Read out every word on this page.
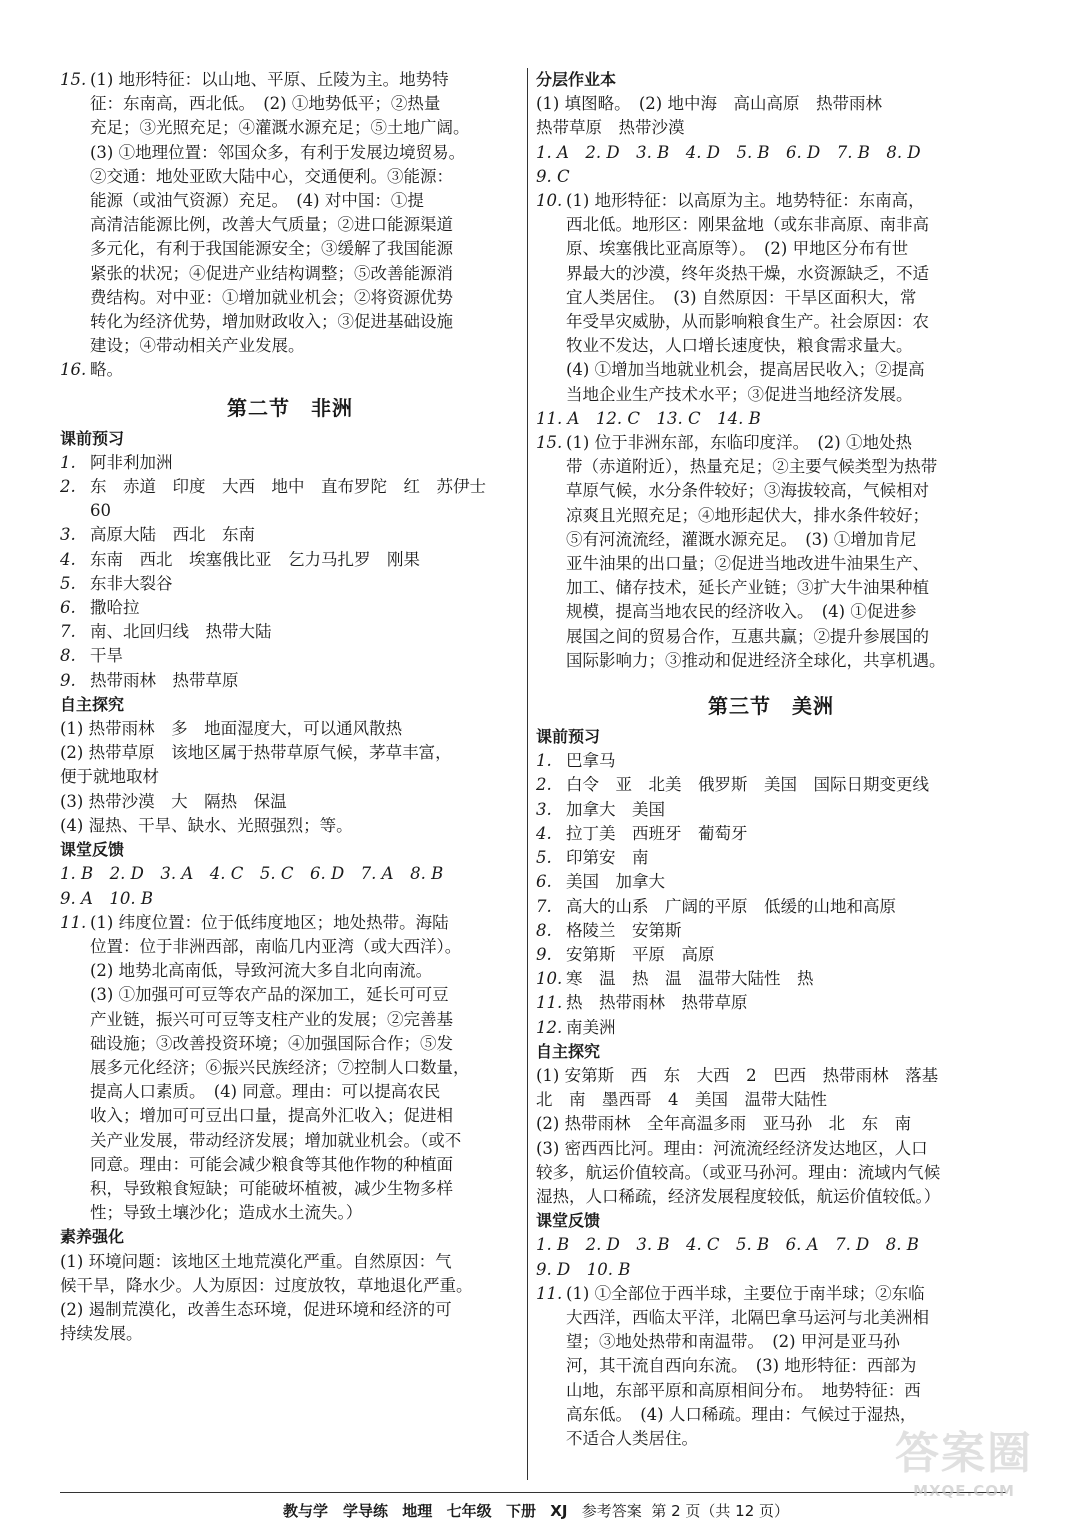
15. (1) 地形特征：以山地、平原、丘陵为主。地势特
征：东南高，西北低。　(2) ①地势低平；②热量
充足；③光照充足；④灌溉水源充足；⑤土地广阔。
(3) ①地理位置：邻国众多，有利于发展边境贸易。
②交通：地处亚欧大陆中心，交通便利。③能源：
能源（或油气资源）充足。　(4) 对中国：①提
高清洁能源比例，改善大气质量；②进口能源渠道
多元化，有利于我国能源安全；③缓解了我国能源
紧张的状况；④促进产业结构调整；⑤改善能源消
费结构。对中亚：①增加就业机会；②将资源优势
转化为经济优势，增加财政收入；③促进基础设施
建设；④带动相关产业发展。
16. 略。
第二节　非洲
课前预习
1. 阿非利加洲
2. 东　赤道　印度　大西　地中　直布罗陀　红　苏伊士　60
3. 高原大陆　西北　东南
4. 东南　西北　埃塞俄比亚　乞力马扎罗　刚果
5. 东非大裂谷
6. 撒哈拉
7. 南、北回归线　热带大陆
8. 干旱
9. 热带雨林　热带草原
自主探究
(1) 热带雨林　多　地面湿度大，可以通风散热
(2) 热带草原　该地区属于热带草原气候，茅草丰富，
便于就地取材
(3) 热带沙漠　大　隔热　保温
(4) 湿热、干旱、缺水、光照强烈；等。
课堂反馈
1. B　2. D　3. A　4. C　5. C　6. D　7. A　8. B
9. A　10. B
11. (1) 纬度位置：位于低纬度地区；地处热带。海陆
位置：位于非洲西部，南临几内亚湾（或大西洋）。
(2) 地势北高南低，导致河流大多自北向南流。
(3) ①加强可可豆等农产品的深加工，延长可可豆
产业链，振兴可可豆等支柱产业的发展；②完善基
础设施；③改善投资环境；④加强国际合作；⑤发
展多元化经济；⑥振兴民族经济；⑦控制人口数量，
提高人口素质。　(4) 同意。理由：可以提高农民
收入；增加可可豆出口量，提高外汇收入；促进相
关产业发展，带动经济发展；增加就业机会。（或不
同意。理由：可能会减少粮食等其他作物的种植面
积，导致粮食短缺；可能破坏植被，减少生物多样
性；导致土壤沙化；造成水土流失。）
素养强化
(1) 环境问题：该地区土地荒漠化严重。自然原因：气
候干旱，降水少。人为原因：过度放牧，草地退化严重。
(2) 遏制荒漠化，改善生态环境，促进环境和经济的可
持续发展。
分层作业本
(1) 填图略。　(2) 地中海　高山高原　热带雨林
热带草原　热带沙漠
1. A　2. D　3. B　4. D　5. B　6. D　7. B　8. D
9. C
10. (1) 地形特征：以高原为主。地势特征：东南高，
西北低。地形区：刚果盆地（或东非高原、南非高
原、埃塞俄比亚高原等）。　(2) 甲地区分布有世
界最大的沙漠，终年炎热干燥，水资源缺乏，不适
宜人类居住。　(3) 自然原因：干旱区面积大，常
年受旱灾威胁，从而影响粮食生产。社会原因：农
牧业不发达，人口增长速度快，粮食需求量大。
(4) ①增加当地就业机会，提高居民收入；②提高
当地企业生产技术水平；③促进当地经济发展。
11. A　12. C　13. C　14. B
15. (1) 位于非洲东部，东临印度洋。　(2) ①地处热
带（赤道附近），热量充足；②主要气候类型为热带
草原气候，水分条件较好；③海拔较高，气候相对
凉爽且光照充足；④地形起伏大，排水条件较好；
⑤有河流流经，灌溉水源充足。　(3) ①增加肯尼
亚牛油果的出口量；②促进当地改进牛油果生产、
加工、储存技术，延长产业链；③扩大牛油果种植
规模，提高当地农民的经济收入。　(4) ①促进参
展国之间的贸易合作，互惠共赢；②提升参展国的
国际影响力；③推动和促进经济全球化，共享机遇。
第三节　美洲
课前预习
1. 巴拿马
2. 白令　亚　北美　俄罗斯　美国　国际日期变更线
3. 加拿大　美国
4. 拉丁美　西班牙　葡萄牙
5. 印第安　南
6. 美国　加拿大
7. 高大的山系　广阔的平原　低缓的山地和高原
8. 格陵兰　安第斯
9. 安第斯　平原　高原
10. 寒　温　热　温　温带大陆性　热
11. 热　热带雨林　热带草原
12. 南美洲
自主探究
(1) 安第斯　西　东　大西　2　巴西　热带雨林　落基
北　南　墨西哥　4　美国　温带大陆性
(2) 热带雨林　全年高温多雨　亚马孙　北　东　南
(3) 密西西比河。理由：河流流经经济发达地区，人口
较多，航运价值较高。（或亚马孙河。理由：流域内气候
湿热，人口稀疏，经济发展程度较低，航运价值较低。）
课堂反馈
1. B　2. D　3. B　4. C　5. B　6. A　7. D　8. B
9. D　10. B
11. (1) ①全部位于西半球，主要位于南半球；②东临
大西洋，西临太平洋，北隔巴拿马运河与北美洲相
望；③地处热带和南温带。　(2) 甲河是亚马孙
河，其干流自西向东流。　(3) 地形特征：西部为
山地，东部平原和高原相间分布。　地势特征：西
高东低。　(4) 人口稀疏。理由：气候过于湿热，
不适合人类居住。
教与学　学导练 地理 七年级 下册 XJ 参考答案 第 2 页（共 12 页）
答案圈
MXQE.COM
